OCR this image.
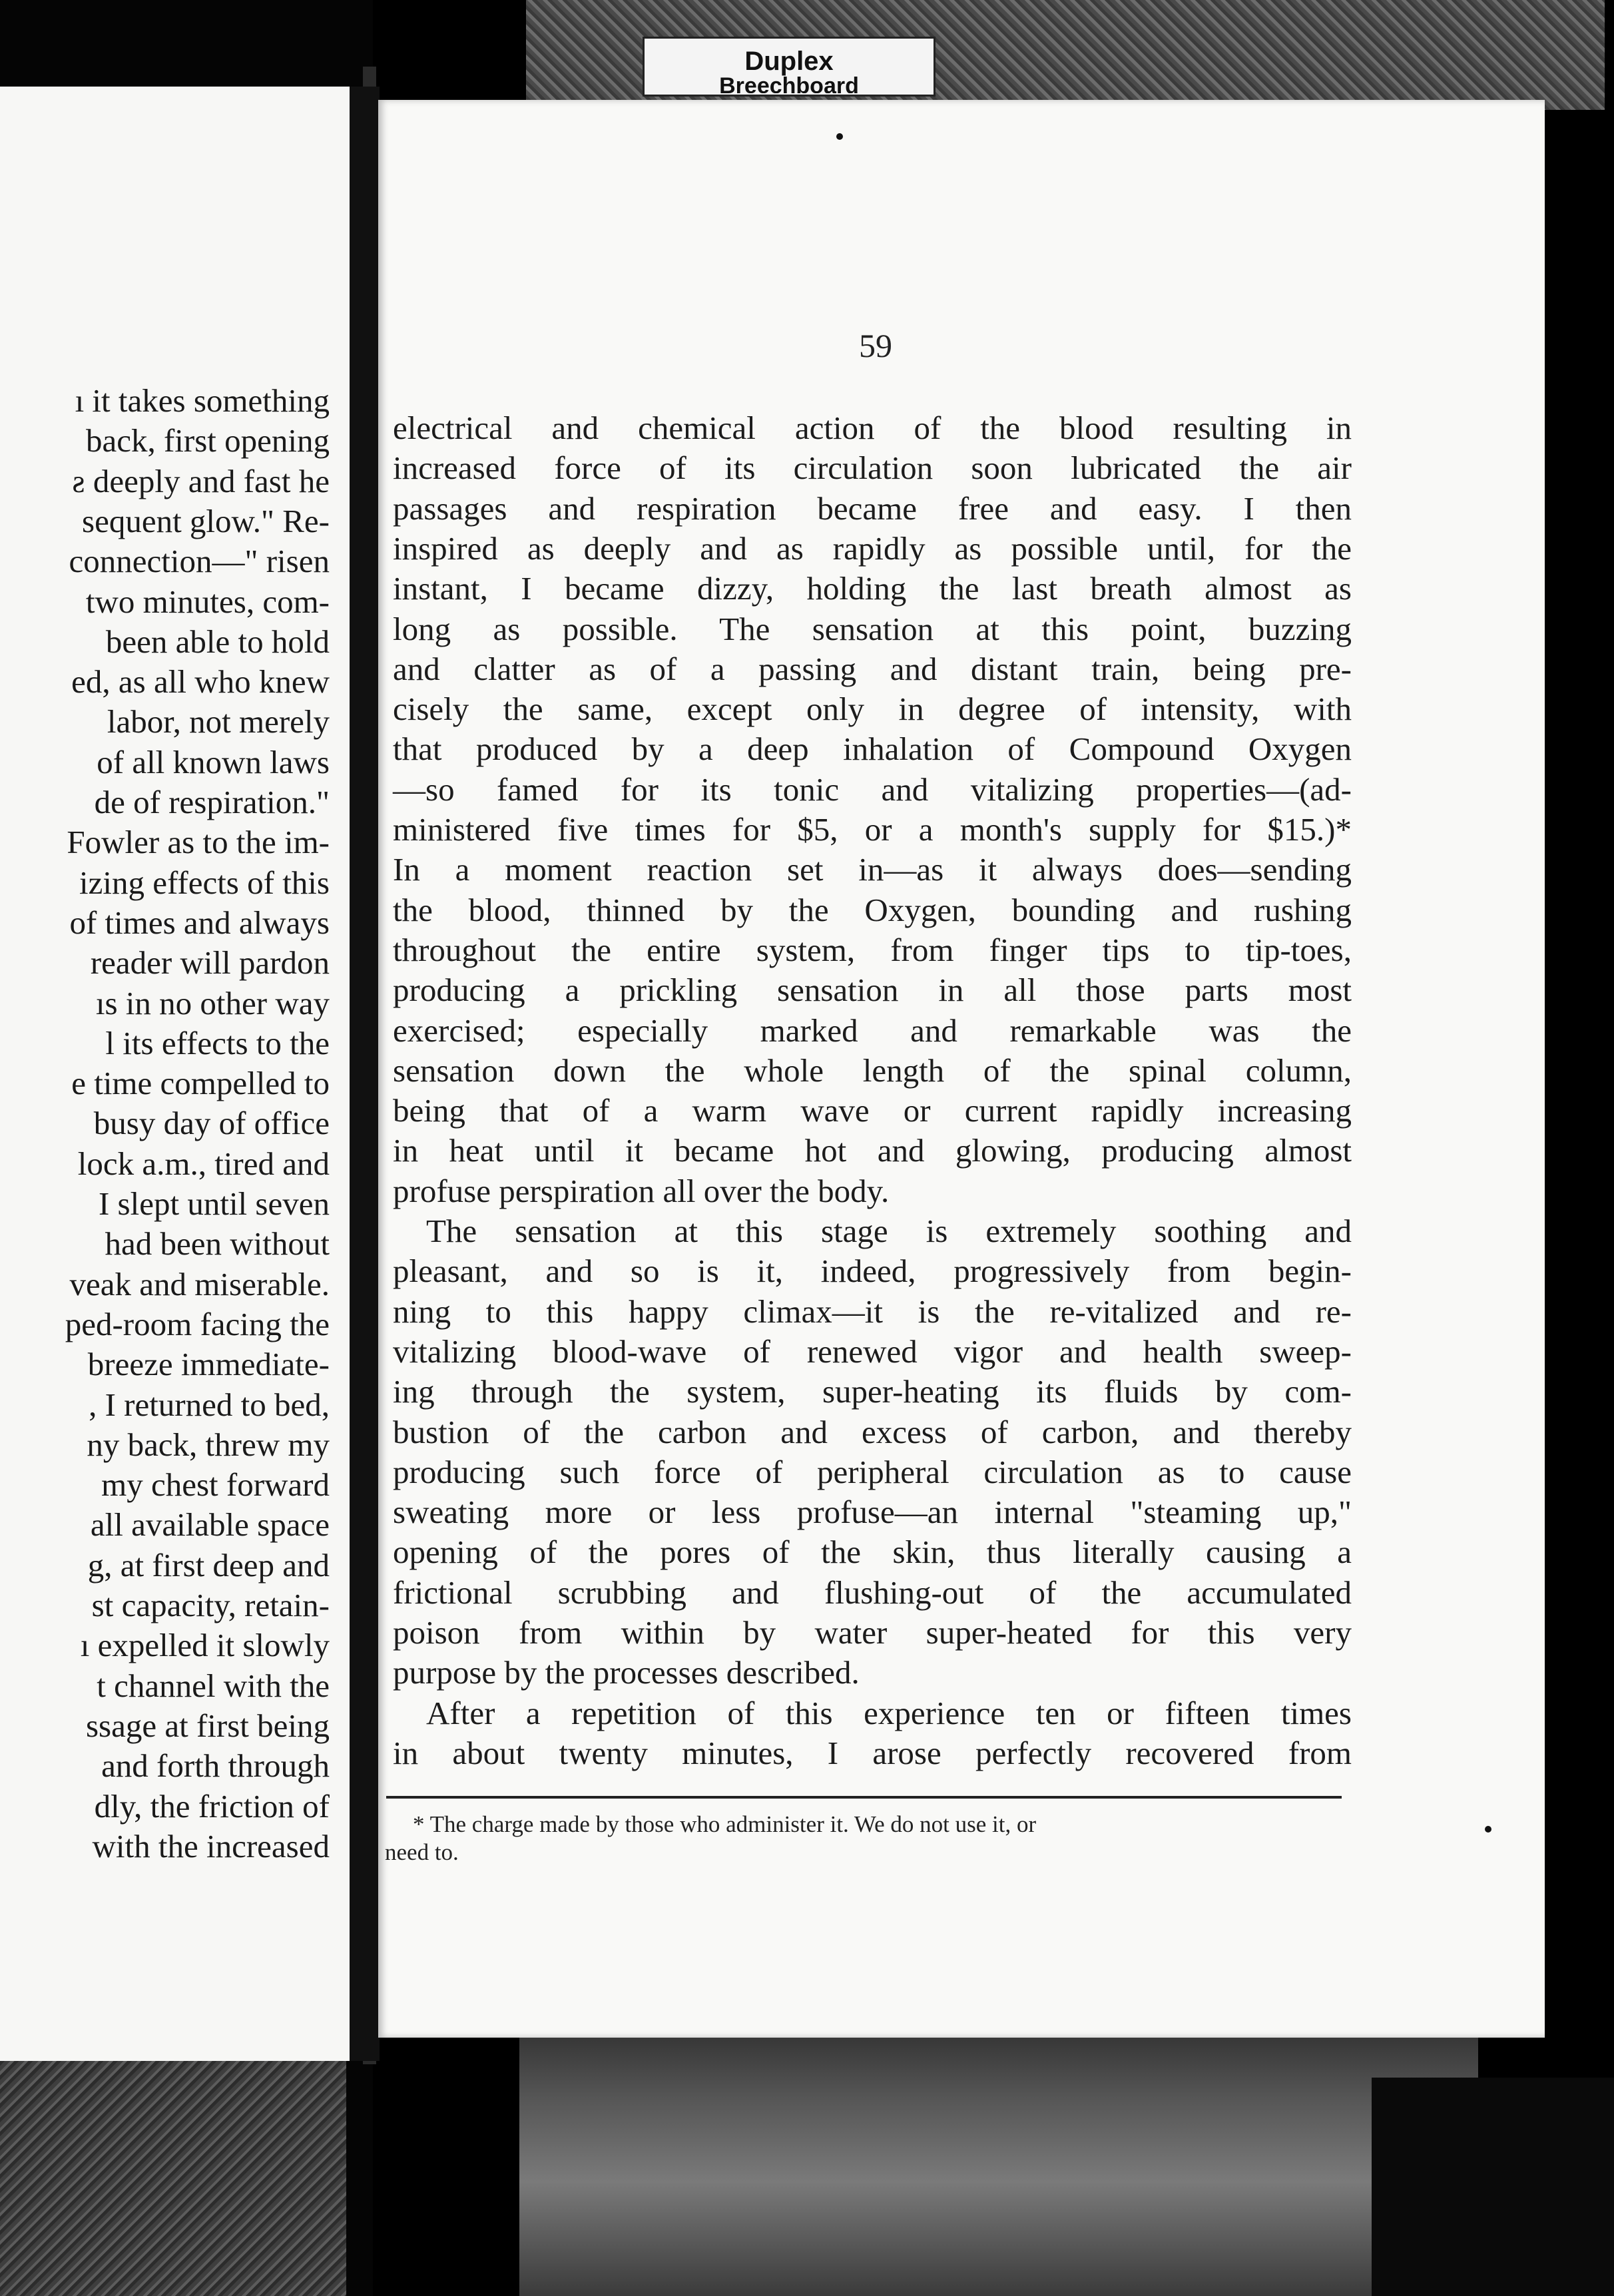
Duplex
Breechboard
ı it takes something
back, first opening
ƨ deeply and fast he
sequent glow." Re-
connection—" risen
two minutes, com-
been able to hold
ed, as all who knew
labor, not merely
of all known laws
de of respiration."
Fowler as to the im-
izing effects of this
of times and always
reader will pardon
ıs in no other way
l its effects to the
e time compelled to
busy day of office
lock a.m., tired and
I slept until seven
had been without
veak and miserable.
ped-room facing the
breeze immediate-
, I returned to bed,
ny back, threw my
my chest forward
all available space
g, at first deep and
st capacity, retain-
ı expelled it slowly
t channel with the
ssage at first being
and forth through
dly, the friction of
with the increased
59
electrical and chemical action of the blood resulting in
increased force of its circulation soon lubricated the air
passages and respiration became free and easy. I then
inspired as deeply and as rapidly as possible until, for the
instant, I became dizzy, holding the last breath almost as
long as possible. The sensation at this point, buzzing
and clatter as of a passing and distant train, being pre-
cisely the same, except only in degree of intensity, with
that produced by a deep inhalation of Compound Oxygen
—so famed for its tonic and vitalizing properties—(ad-
ministered five times for $5, or a month's supply for $15.)*
In a moment reaction set in—as it always does—sending
the blood, thinned by the Oxygen, bounding and rushing
throughout the entire system, from finger tips to tip-toes,
producing a prickling sensation in all those parts most
exercised; especially marked and remarkable was the
sensation down the whole length of the spinal column,
being that of a warm wave or current rapidly increasing
in heat until it became hot and glowing, producing almost
profuse perspiration all over the body.
The sensation at this stage is extremely soothing and
pleasant, and so is it, indeed, progressively from begin-
ning to this happy climax—it is the re-vitalized and re-
vitalizing blood-wave of renewed vigor and health sweep-
ing through the system, super-heating its fluids by com-
bustion of the carbon and excess of carbon, and thereby
producing such force of peripheral circulation as to cause
sweating more or less profuse—an internal "steaming up,"
opening of the pores of the skin, thus literally causing a
frictional scrubbing and flushing-out of the accumulated
poison from within by water super-heated for this very
purpose by the processes described.
After a repetition of this experience ten or fifteen times
in about twenty minutes, I arose perfectly recovered from
* The charge made by those who administer it. We do not use it, or
need to.
